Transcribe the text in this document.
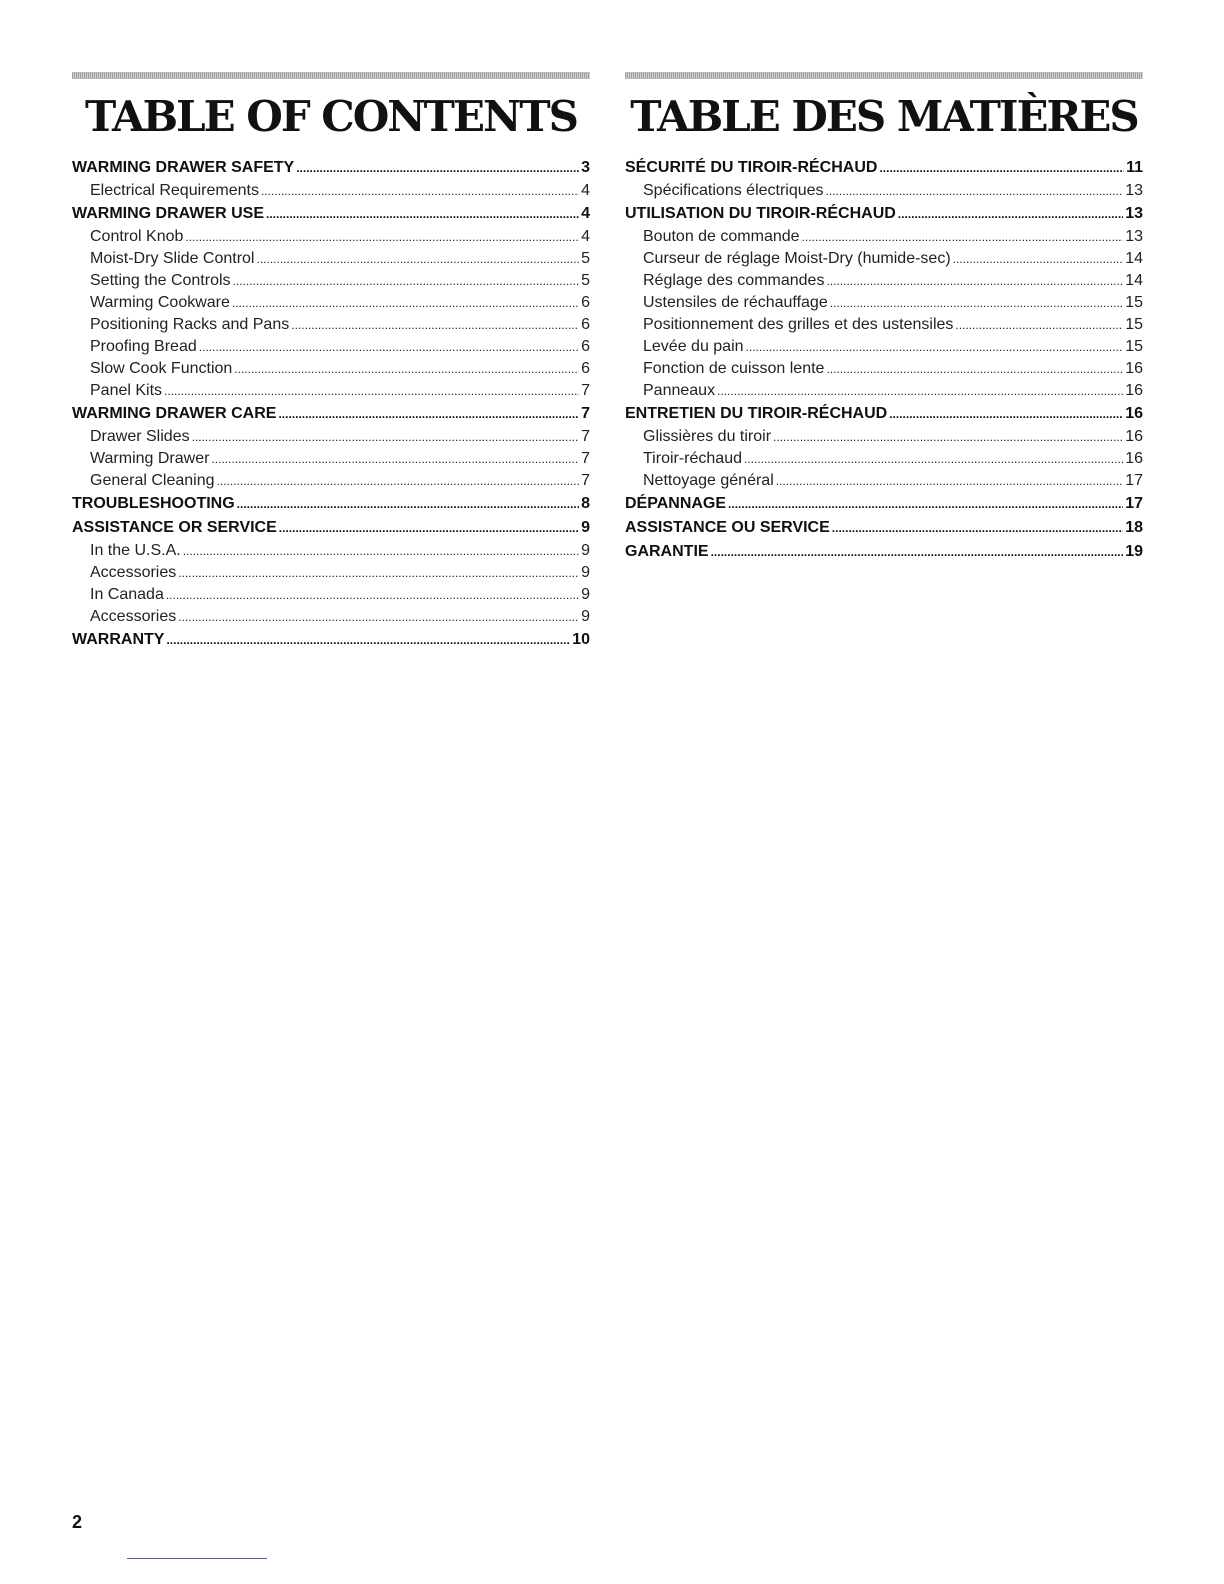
TABLE OF CONTENTS
WARMING DRAWER SAFETY .....	3
Electrical Requirements .....	4
WARMING DRAWER USE .....	4
Control Knob .....	4
Moist-Dry Slide Control .....	5
Setting the Controls .....	5
Warming Cookware .....	6
Positioning Racks and Pans .....	6
Proofing Bread .....	6
Slow Cook Function .....	6
Panel Kits .....	7
WARMING DRAWER CARE .....	7
Drawer Slides .....	7
Warming Drawer .....	7
General Cleaning .....	7
TROUBLESHOOTING .....	8
ASSISTANCE OR SERVICE .....	9
In the U.S.A. .....	9
Accessories .....	9
In Canada .....	9
Accessories .....	9
WARRANTY .....	10
TABLE DES MATIÈRES
SÉCURITÉ DU TIROIR-RÉCHAUD .....	11
Spécifications électriques .....	13
UTILISATION DU TIROIR-RÉCHAUD .....	13
Bouton de commande .....	13
Curseur de réglage Moist-Dry (humide-sec) .....	14
Réglage des commandes .....	14
Ustensiles de réchauffage .....	15
Positionnement des grilles et des ustensiles .....	15
Levée du pain .....	15
Fonction de cuisson lente .....	16
Panneaux .....	16
ENTRETIEN DU TIROIR-RÉCHAUD .....	16
Glissières du tiroir .....	16
Tiroir-réchaud .....	16
Nettoyage général .....	17
DÉPANNAGE .....	17
ASSISTANCE OU SERVICE .....	18
GARANTIE .....	19
2
